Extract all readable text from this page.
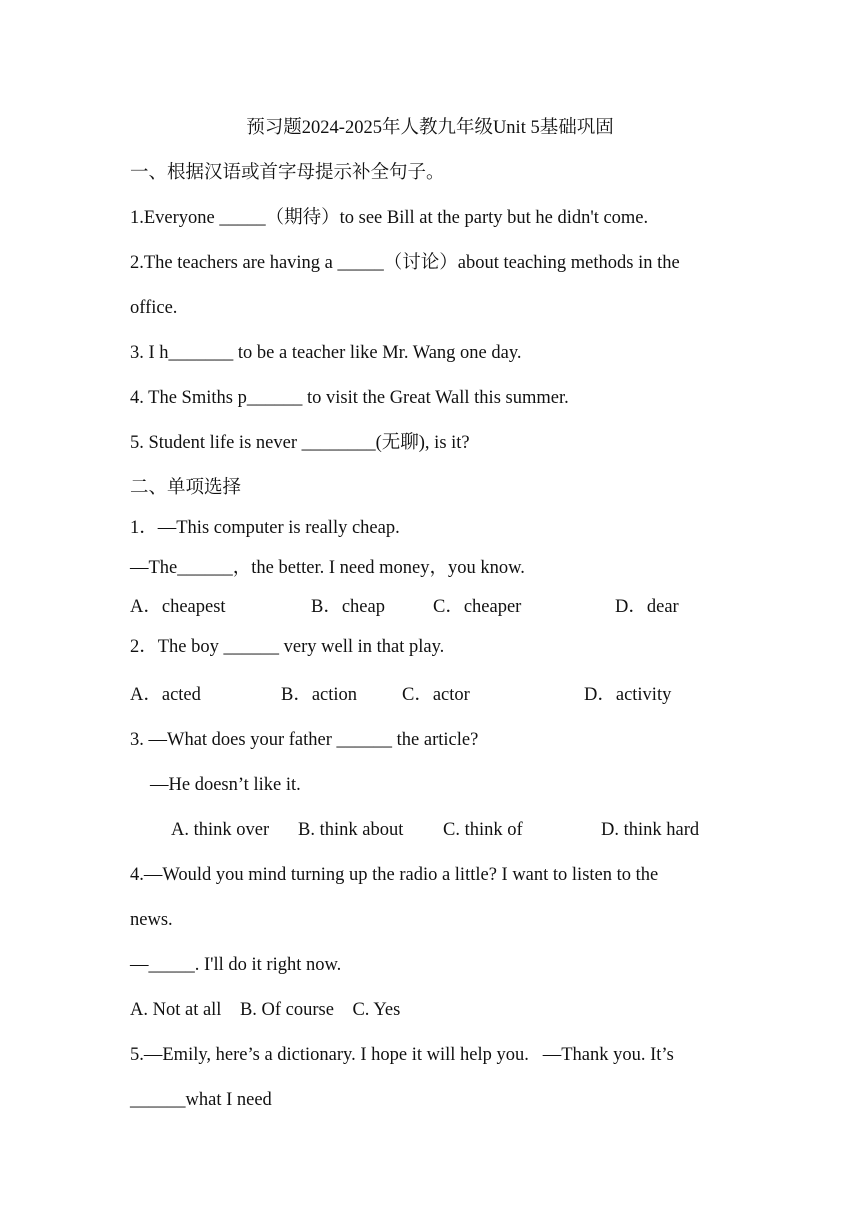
预习题2024-2025年人教九年级Unit 5基础巩固
一、根据汉语或首字母提示补全句子。
1.Everyone _____（期待）to see Bill at the party but he didn't come.
2.The teachers are having a _____（讨论）about teaching methods in the
office.
3. I h_______ to be a teacher like Mr. Wang one day.
4. The Smiths p______ to visit the Great Wall this summer.
5. Student life is never ________(无聊), is it?
二、单项选择
1．—This computer is really cheap.
—The______，the better. I need money，you know.
A．cheapest	B．cheap	C．cheaper	D．dear
2．The boy ______ very well in that play.
A．acted	B．action C．actor	D．activity
3. —What does your father ______ the article?
—He doesn’t like it.
A. think over B. think about C. think of	D. think hard
4.—Would you mind turning up the radio a little? I want to listen to the
news.
—_____. I'll do it right now.
A. Not at all    B. Of course    C. Yes
5.—Emily, here’s a dictionary. I hope it will help you.   —Thank you. It’s
______what I need
